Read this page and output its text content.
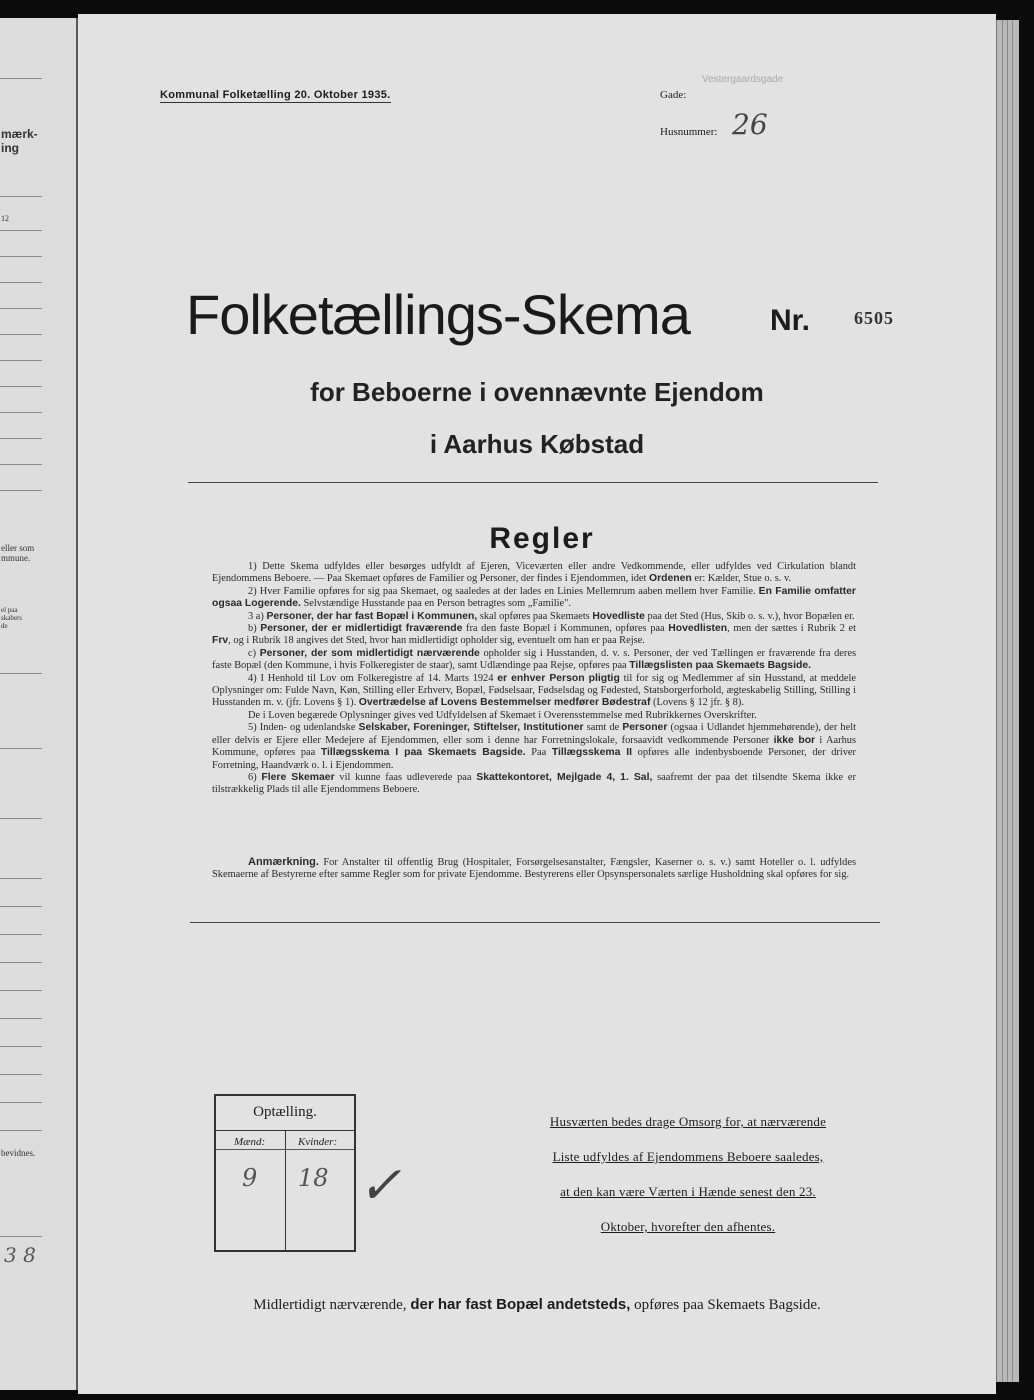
mærk-
ing
12
eller som
mmune.
el paa
skabers
de
bevidnes.
3 8
Kommunal Folketælling 20. Oktober 1935.	Gade:
Vestergaardsgade
Husnummer: 26
Folketællings-Skema	Nr. 6505
for Beboerne i ovennævnte Ejendom
i Aarhus Købstad
Regler

1) Dette Skema udfyldes eller besørges udfyldt af Ejeren, Viceværten eller andre Vedkommende, eller udfyldes ved Cirkulation blandt Ejendommens Beboere. — Paa Skemaet opføres de Familier og Personer, der findes i Ejendommen, idet Ordenen er: Kælder, Stue o. s. v.

2) Hver Familie opføres for sig paa Skemaet, og saaledes at der lades en Linies Mellemrum aaben mellem hver Familie. En Familie omfatter ogsaa Logerende. Selvstændige Husstande paa en Person betragtes som „Familie".

3 a) Personer, der har fast Bopæl i Kommunen, skal opføres paa Skemaets Hovedliste paa det Sted (Hus, Skib o. s. v.), hvor Bopælen er.

b) Personer, der er midlertidigt fraværende fra den faste Bopæl i Kommunen, opføres paa Hovedlisten, men der sættes i Rubrik 2 et Frv, og i Rubrik 18 angives det Sted, hvor han midlertidigt opholder sig, eventuelt om han er paa Rejse.

c) Personer, der som midlertidigt nærværende opholder sig i Husstanden, d. v. s. Personer, der ved Tællingen er fraværende fra deres faste Bopæl (den Kommune, i hvis Folkeregister de staar), samt Udlændinge paa Rejse, opføres paa Tillægslisten paa Skemaets Bagside.

4) I Henhold til Lov om Folkeregistre af 14. Marts 1924 er enhver Person pligtig til for sig og Medlemmer af sin Husstand, at meddele Oplysninger om: Fulde Navn, Køn, Stilling eller Erhverv, Bopæl, Fødselsaar, Fødselsdag og Fødested, Statsborgerforhold, ægteskabelig Stilling, Stilling i Husstanden m. v. (jfr. Lovens § 1). Overtrædelse af Lovens Bestemmelser medfører Bødestraf (Lovens § 12 jfr. § 8).

De i Loven begærede Oplysninger gives ved Udfyldelsen af Skemaet i Overensstemmelse med Rubrikkernes Overskrifter.

5) Inden- og udenlandske Selskaber, Foreninger, Stiftelser, Institutioner samt de Personer (ogsaa i Udlandet hjemmehørende), der helt eller delvis er Ejere eller Medejere af Ejendommen, eller som i denne har Forretningslokale, forsaavidt vedkommende Personer ikke bor i Aarhus Kommune, opføres paa Tillægsskema I paa Skemaets Bagside. Paa Tillægsskema II opføres alle indenbysboende Personer, der driver Forretning, Haandværk o. l. i Ejendommen.

6) Flere Skemaer vil kunne faas udleverede paa Skattekontoret, Mejlgade 4, 1. Sal, saafremt der paa det tilsendte Skema ikke er tilstrækkelig Plads til alle Ejendommens Beboere.

Anmærkning. For Anstalter til offentlig Brug (Hospitaler, Forsørgelsesanstalter, Fængsler, Kaserner o. s. v.) samt Hoteller o. l. udfyldes Skemaerne af Bestyrerne efter samme Regler som for private Ejendomme. Bestyrerens eller Opsynspersonalets særlige Husholdning skal opføres for sig.
Optælling.
Mænd:	Kvinder:
9 18 ✓
Husværten bedes drage Omsorg for, at nærværende
Liste udfyldes af Ejendommens Beboere saaledes,
at den kan være Værten i Hænde senest den 23.
Oktober, hvorefter den afhentes.
Midlertidigt nærværende, der har fast Bopæl andetsteds, opføres paa Skemaets Bagside.
